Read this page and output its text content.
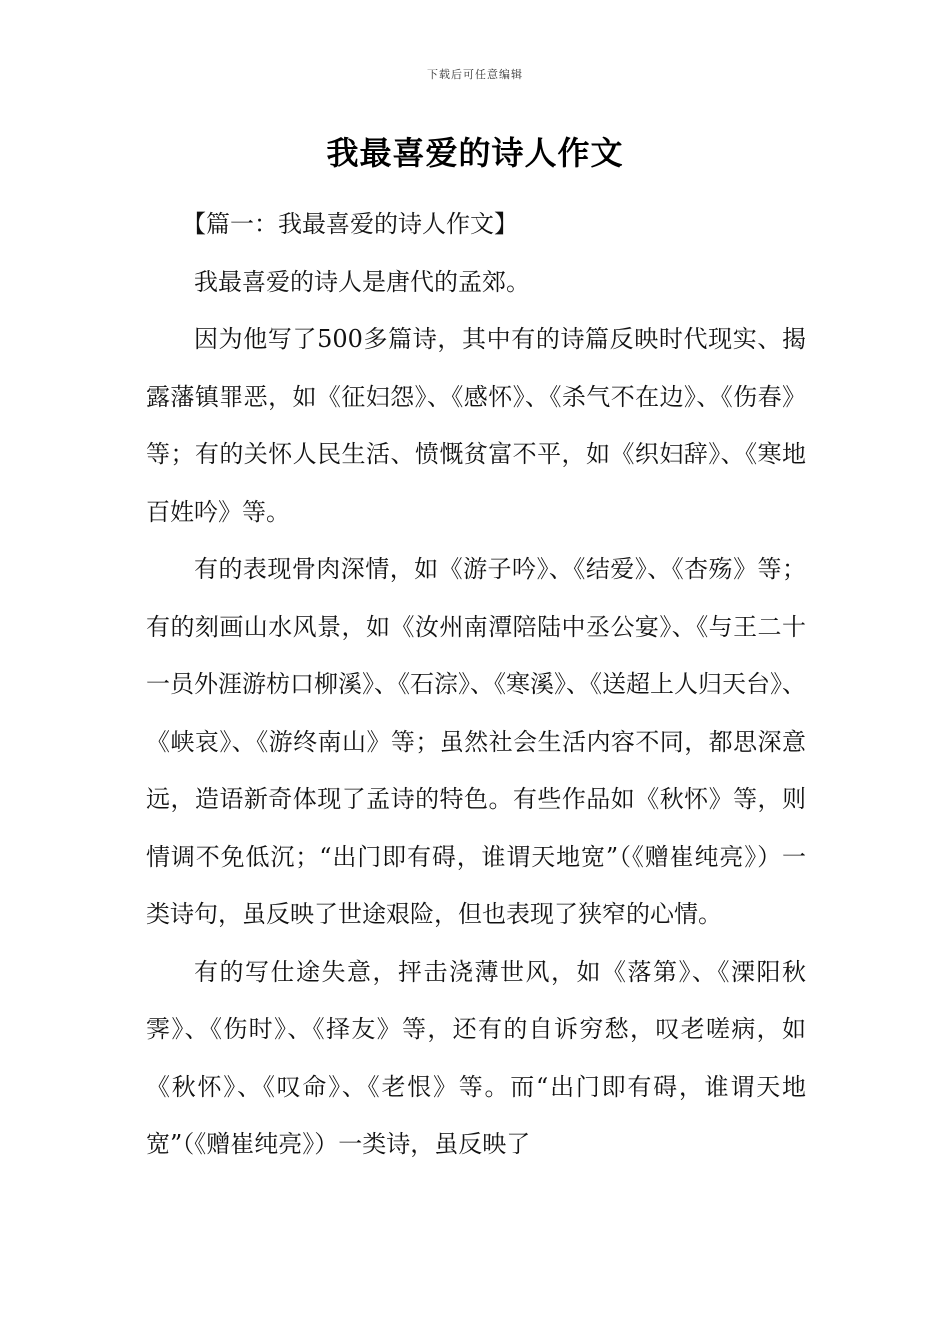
下载后可任意编辑
我最喜爱的诗人作文

【篇一：我最喜爱的诗人作文】

我最喜爱的诗人是唐代的孟郊。

因为他写了500多篇诗，其中有的诗篇反映时代现实、揭露藩镇罪恶，如《征妇怨》、《感怀》、《杀气不在边》、《伤春》等；有的关怀人民生活、愤慨贫富不平，如《织妇辞》、《寒地百姓吟》等。

有的表现骨肉深情，如《游子吟》、《结爱》、《杏殇》等；有的刻画山水风景，如《汝州南潭陪陆中丞公宴》、《与王二十一员外涯游枋口柳溪》、《石淙》、《寒溪》、《送超上人归天台》、《峡哀》、《游终南山》等；虽然社会生活内容不同，都思深意远，造语新奇体现了孟诗的特色。有些作品如《秋怀》等，则情调不免低沉；“出门即有碍，谁谓天地宽”（《赠崔纯亮》）一类诗句，虽反映了世途艰险，但也表现了狭窄的心情。

有的写仕途失意，抨击浇薄世风，如《落第》、《溧阳秋霁》、《伤时》、《择友》等，还有的自诉穷愁，叹老嗟病，如《秋怀》、《叹命》、《老恨》等。而“出门即有碍，谁谓天地宽”（《赠崔纯亮》）一类诗，虽反映了
